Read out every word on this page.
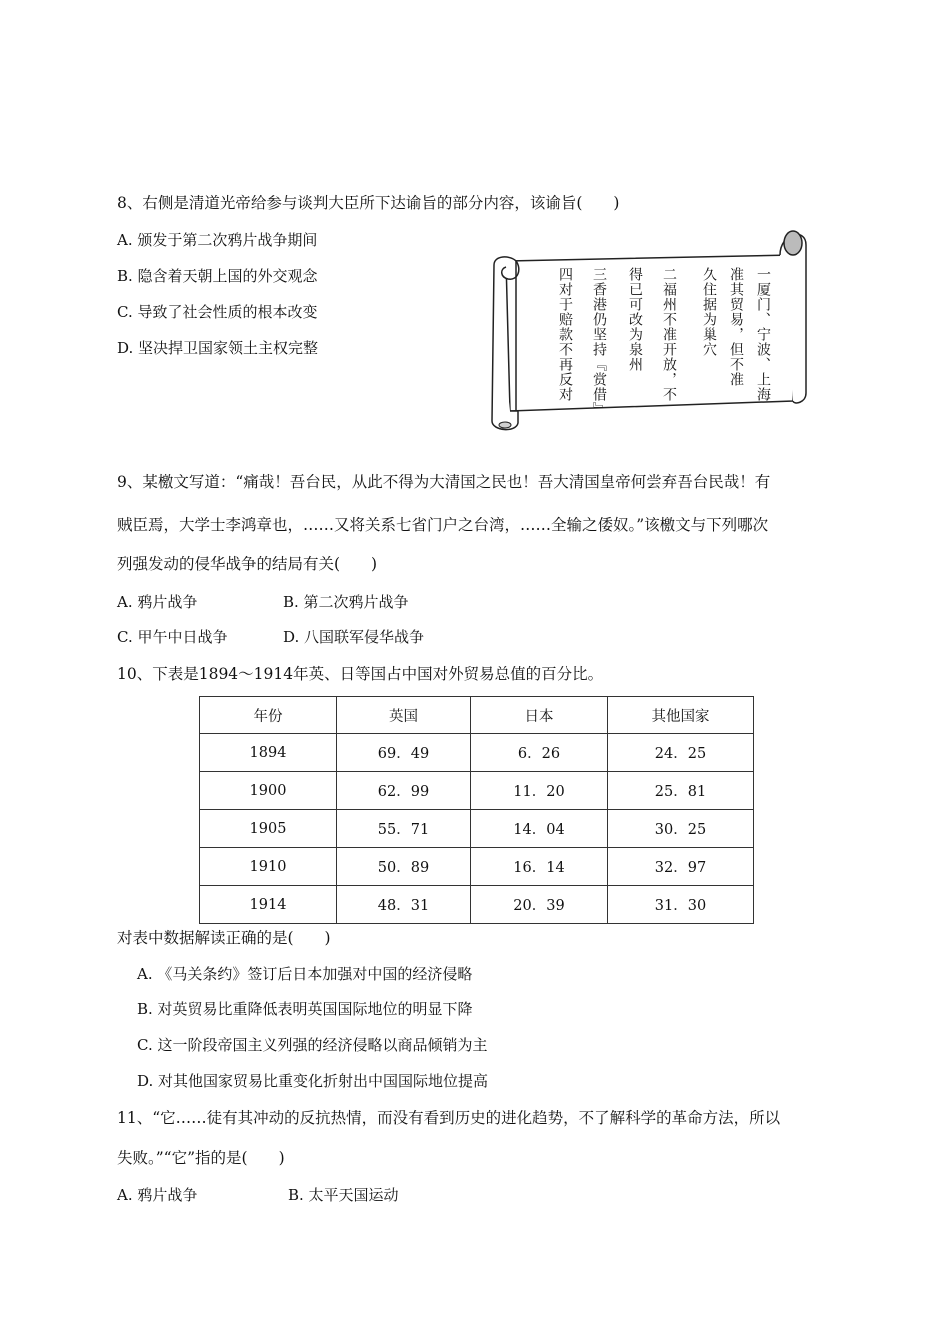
8、右侧是清道光帝给参与谈判大臣所下达谕旨的部分内容，该谕旨(　　)
A. 颁发于第二次鸦片战争期间
B. 隐含着天朝上国的外交观念
C. 导致了社会性质的根本改变
D. 坚决捍卫国家领土主权完整	一厦门、宁波、上海
准其贸易，但不准
久住据为巢穴
二福州不准开放，不
得已可改为泉州
三香港仍坚持『赏借』
四对于赔款不再反对
9、某檄文写道：“痛哉！吾台民，从此不得为大清国之民也！吾大清国皇帝何尝弃吾台民哉！有
贼臣焉，大学士李鸿章也，……又将关系七省门户之台湾，……全输之倭奴。”该檄文与下列哪次
列强发动的侵华战争的结局有关(　　)
A. 鸦片战争	B. 第二次鸦片战争
C. 甲午中日战争	D. 八国联军侵华战争
10、下表是1894～1914年英、日等国占中国对外贸易总值的百分比。
年份	英国	日本	其他国家
1894	69．49	6．26	24．25
1900	62．99	11．20	25．81
1905	55．71	14．04	30．25
1910	50．89	16．14	32．97
1914	48．31	20．39	31．30
对表中数据解读正确的是(　　)
A. 《马关条约》签订后日本加强对中国的经济侵略
B. 对英贸易比重降低表明英国国际地位的明显下降
C. 这一阶段帝国主义列强的经济侵略以商品倾销为主
D. 对其他国家贸易比重变化折射出中国国际地位提高
11、“它……徒有其冲动的反抗热情，而没有看到历史的进化趋势，不了解科学的革命方法，所以
失败。”“它”指的是(　　)
A. 鸦片战争	B. 太平天国运动
